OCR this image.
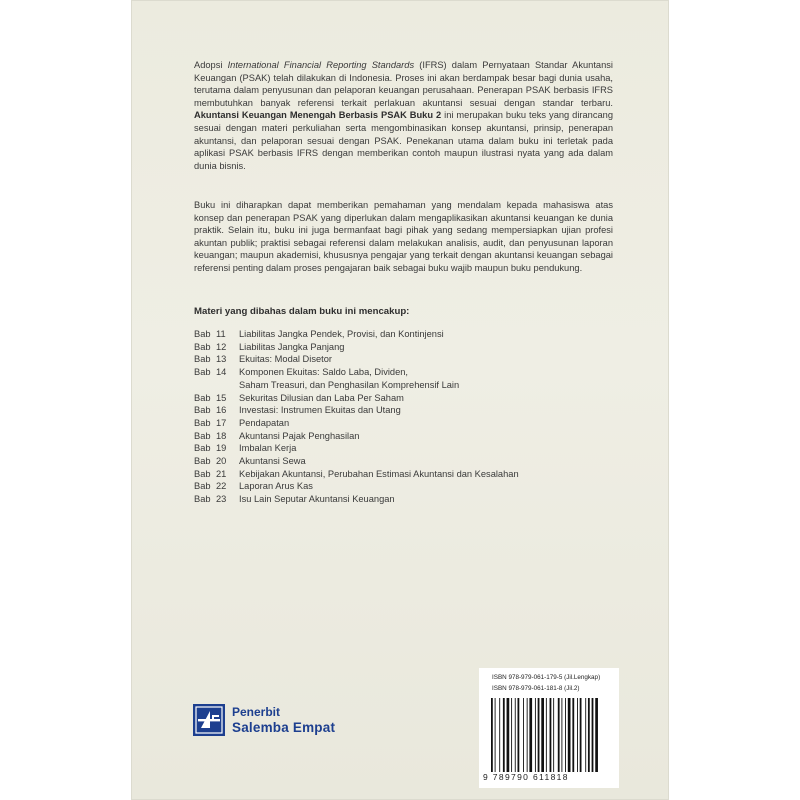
Adopsi International Financial Reporting Standards (IFRS) dalam Pernyataan Standar Akuntansi Keuangan (PSAK) telah dilakukan di Indonesia. Proses ini akan berdampak besar bagi dunia usaha, terutama dalam penyusunan dan pelaporan keuangan perusahaan. Penerapan PSAK berbasis IFRS membutuhkan banyak referensi terkait perlakuan akuntansi sesuai dengan standar terbaru. Akuntansi Keuangan Menengah Berbasis PSAK Buku 2 ini merupakan buku teks yang dirancang sesuai dengan materi perkuliahan serta mengombinasikan konsep akuntansi, prinsip, penerapan akuntansi, dan pelaporan sesuai dengan PSAK. Penekanan utama dalam buku ini terletak pada aplikasi PSAK berbasis IFRS dengan memberikan contoh maupun ilustrasi nyata yang ada dalam dunia bisnis.

Buku ini diharapkan dapat memberikan pemahaman yang mendalam kepada mahasiswa atas konsep dan penerapan PSAK yang diperlukan dalam mengaplikasikan akuntansi keuangan ke dunia praktik. Selain itu, buku ini juga bermanfaat bagi pihak yang sedang mempersiapkan ujian profesi akuntan publik; praktisi sebagai referensi dalam melakukan analisis, audit, dan penyusunan laporan keuangan; maupun akademisi, khususnya pengajar yang terkait dengan akuntansi keuangan sebagai referensi penting dalam proses pengajaran baik sebagai buku wajib maupun buku pendukung.

Materi yang dibahas dalam buku ini mencakup:
Bab 11	Liabilitas Jangka Pendek, Provisi, dan Kontinjensi
Bab 12	Liabilitas Jangka Panjang
Bab 13	Ekuitas: Modal Disetor
Bab 14	Komponen Ekuitas: Saldo Laba, Dividen,
Saham Treasuri, dan Penghasilan Komprehensif Lain
Bab 15	Sekuritas Dilusian dan Laba Per Saham
Bab 16	Investasi: Instrumen Ekuitas dan Utang
Bab 17	Pendapatan
Bab 18	Akuntansi Pajak Penghasilan
Bab 19	Imbalan Kerja
Bab 20	Akuntansi Sewa
Bab 21	Kebijakan Akuntansi, Perubahan Estimasi Akuntansi dan Kesalahan
Bab 22	Laporan Arus Kas
Bab 23	Isu Lain Seputar Akuntansi Keuangan
Penerbit
Salemba Empat
ISBN 978-979-061-179-5 (Jil.Lengkap)
ISBN 978-979-061-181-8 (Jil.2)
9 789790 611818
